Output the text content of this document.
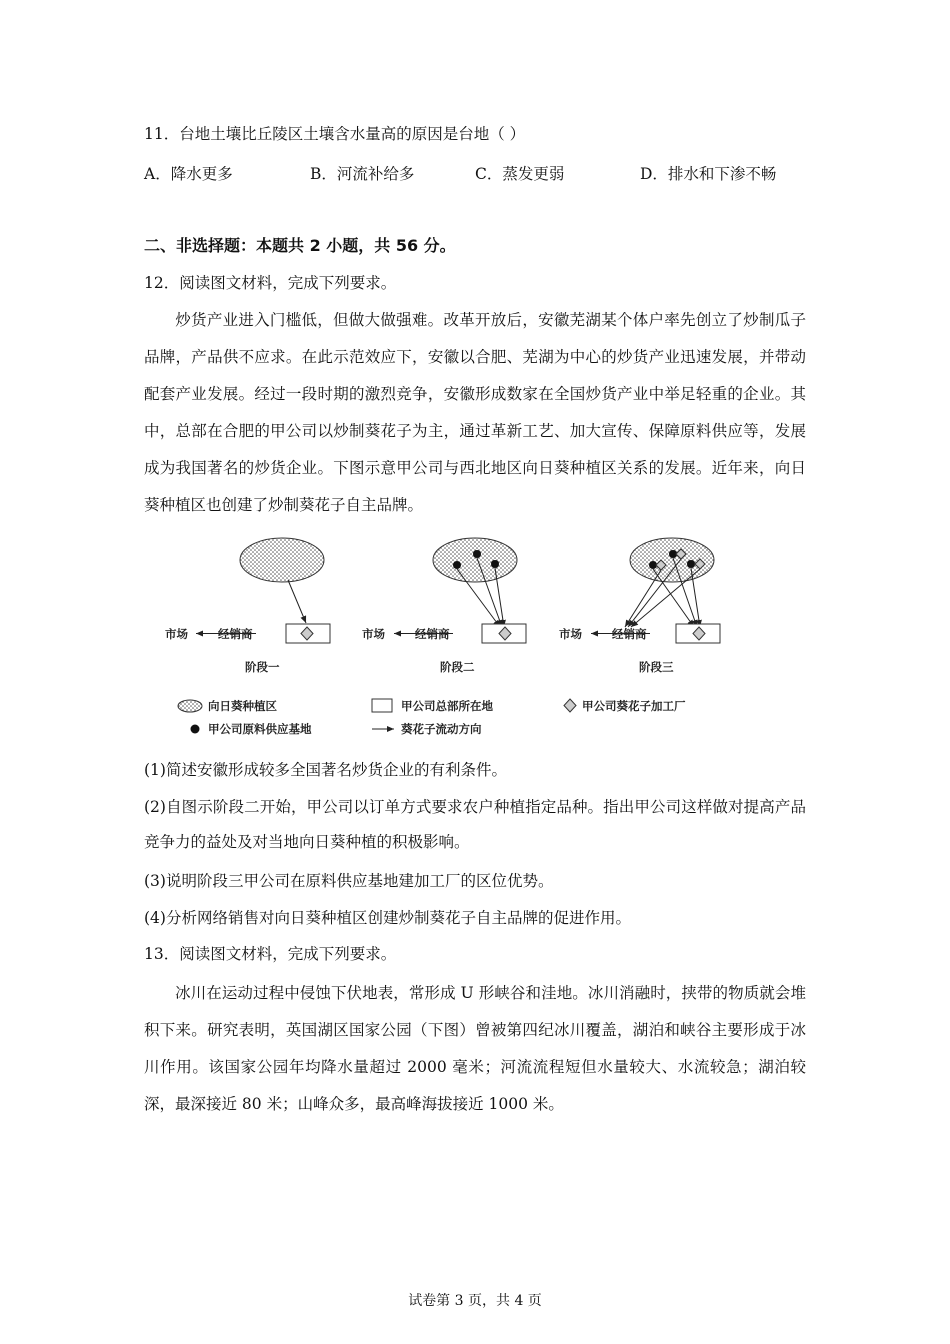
11．台地土壤比丘陵区土壤含水量高的原因是台地（ ）
A．降水更多	B．河流补给多	C．蒸发更弱	D．排水和下渗不畅
二、非选择题：本题共 2 小题，共 56 分。
12．阅读图文材料，完成下列要求。
炒货产业进入门槛低，但做大做强难。改革开放后，安徽芜湖某个体户率先创立了炒制瓜子品牌，产品供不应求。在此示范效应下，安徽以合肥、芜湖为中心的炒货产业迅速发展，并带动配套产业发展。经过一段时期的激烈竞争，安徽形成数家在全国炒货产业中举足轻重的企业。其中，总部在合肥的甲公司以炒制葵花子为主，通过革新工艺、加大宣传、保障原料供应等，发展成为我国著名的炒货企业。下图示意甲公司与西北地区向日葵种植区关系的发展。近年来，向日葵种植区也创建了炒制葵花子自主品牌。
市场	经销商
阶段一
市场	经销商
阶段二
市场	经销商
阶段三
向日葵种植区	甲公司总部所在地	甲公司葵花子加工厂
甲公司原料供应基地	葵花子流动方向
(1)简述安徽形成较多全国著名炒货企业的有利条件。
(2)自图示阶段二开始，甲公司以订单方式要求农户种植指定品种。指出甲公司这样做对提高产品竞争力的益处及对当地向日葵种植的积极影响。
(3)说明阶段三甲公司在原料供应基地建加工厂的区位优势。
(4)分析网络销售对向日葵种植区创建炒制葵花子自主品牌的促进作用。
13．阅读图文材料，完成下列要求。
冰川在运动过程中侵蚀下伏地表，常形成 U 形峡谷和洼地。冰川消融时，挟带的物质就会堆积下来。研究表明，英国湖区国家公园（下图）曾被第四纪冰川覆盖，湖泊和峡谷主要形成于冰川作用。该国家公园年均降水量超过 2000 毫米；河流流程短但水量较大、水流较急；湖泊较深，最深接近 80 米；山峰众多，最高峰海拔接近 1000 米。
试卷第 3 页，共 4 页
